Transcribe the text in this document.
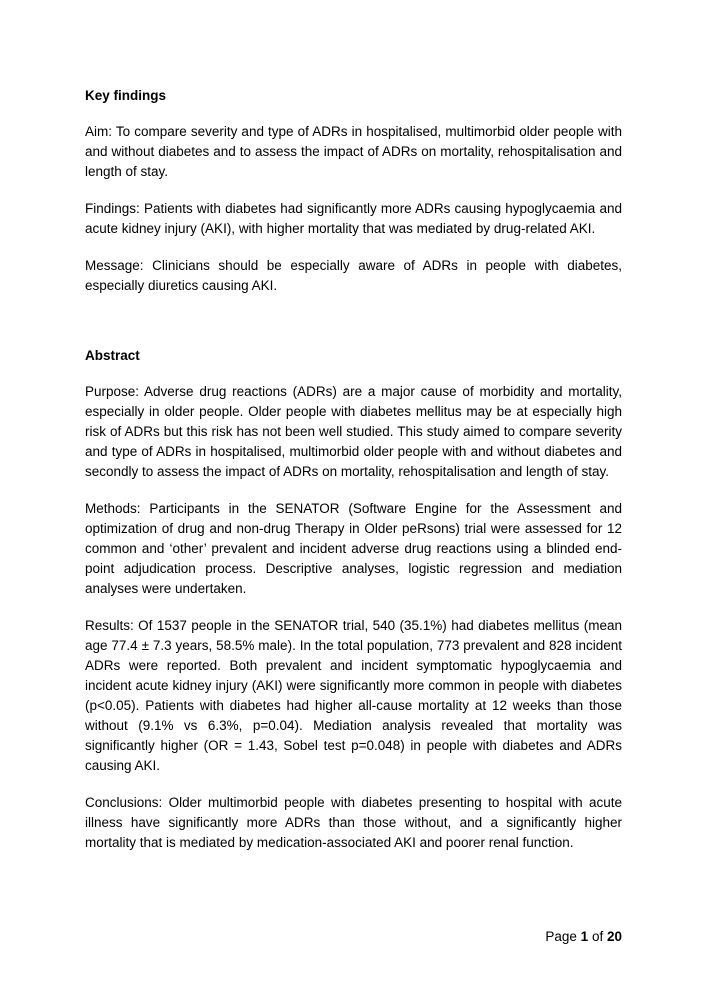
Key findings

Aim: To compare severity and type of ADRs in hospitalised, multimorbid older people with and without diabetes and to assess the impact of ADRs on mortality, rehospitalisation and length of stay.

Findings: Patients with diabetes had significantly more ADRs causing hypoglycaemia and acute kidney injury (AKI), with higher mortality that was mediated by drug-related AKI.

Message: Clinicians should be especially aware of ADRs in people with diabetes, especially diuretics causing AKI.

Abstract

Purpose: Adverse drug reactions (ADRs) are a major cause of morbidity and mortality, especially in older people. Older people with diabetes mellitus may be at especially high risk of ADRs but this risk has not been well studied. This study aimed to compare severity and type of ADRs in hospitalised, multimorbid older people with and without diabetes and secondly to assess the impact of ADRs on mortality, rehospitalisation and length of stay.

Methods: Participants in the SENATOR (Software Engine for the Assessment and optimization of drug and non-drug Therapy in Older peRsons) trial were assessed for 12 common and ‘other’ prevalent and incident adverse drug reactions using a blinded end-point adjudication process. Descriptive analyses, logistic regression and mediation analyses were undertaken.

Results: Of 1537 people in the SENATOR trial, 540 (35.1%) had diabetes mellitus (mean age 77.4 ± 7.3 years, 58.5% male). In the total population, 773 prevalent and 828 incident ADRs were reported. Both prevalent and incident symptomatic hypoglycaemia and incident acute kidney injury (AKI) were significantly more common in people with diabetes (p<0.05). Patients with diabetes had higher all-cause mortality at 12 weeks than those without (9.1% vs 6.3%, p=0.04). Mediation analysis revealed that mortality was significantly higher (OR = 1.43, Sobel test p=0.048) in people with diabetes and ADRs causing AKI.

Conclusions: Older multimorbid people with diabetes presenting to hospital with acute illness have significantly more ADRs than those without, and a significantly higher mortality that is mediated by medication-associated AKI and poorer renal function.

Page 1 of 20
